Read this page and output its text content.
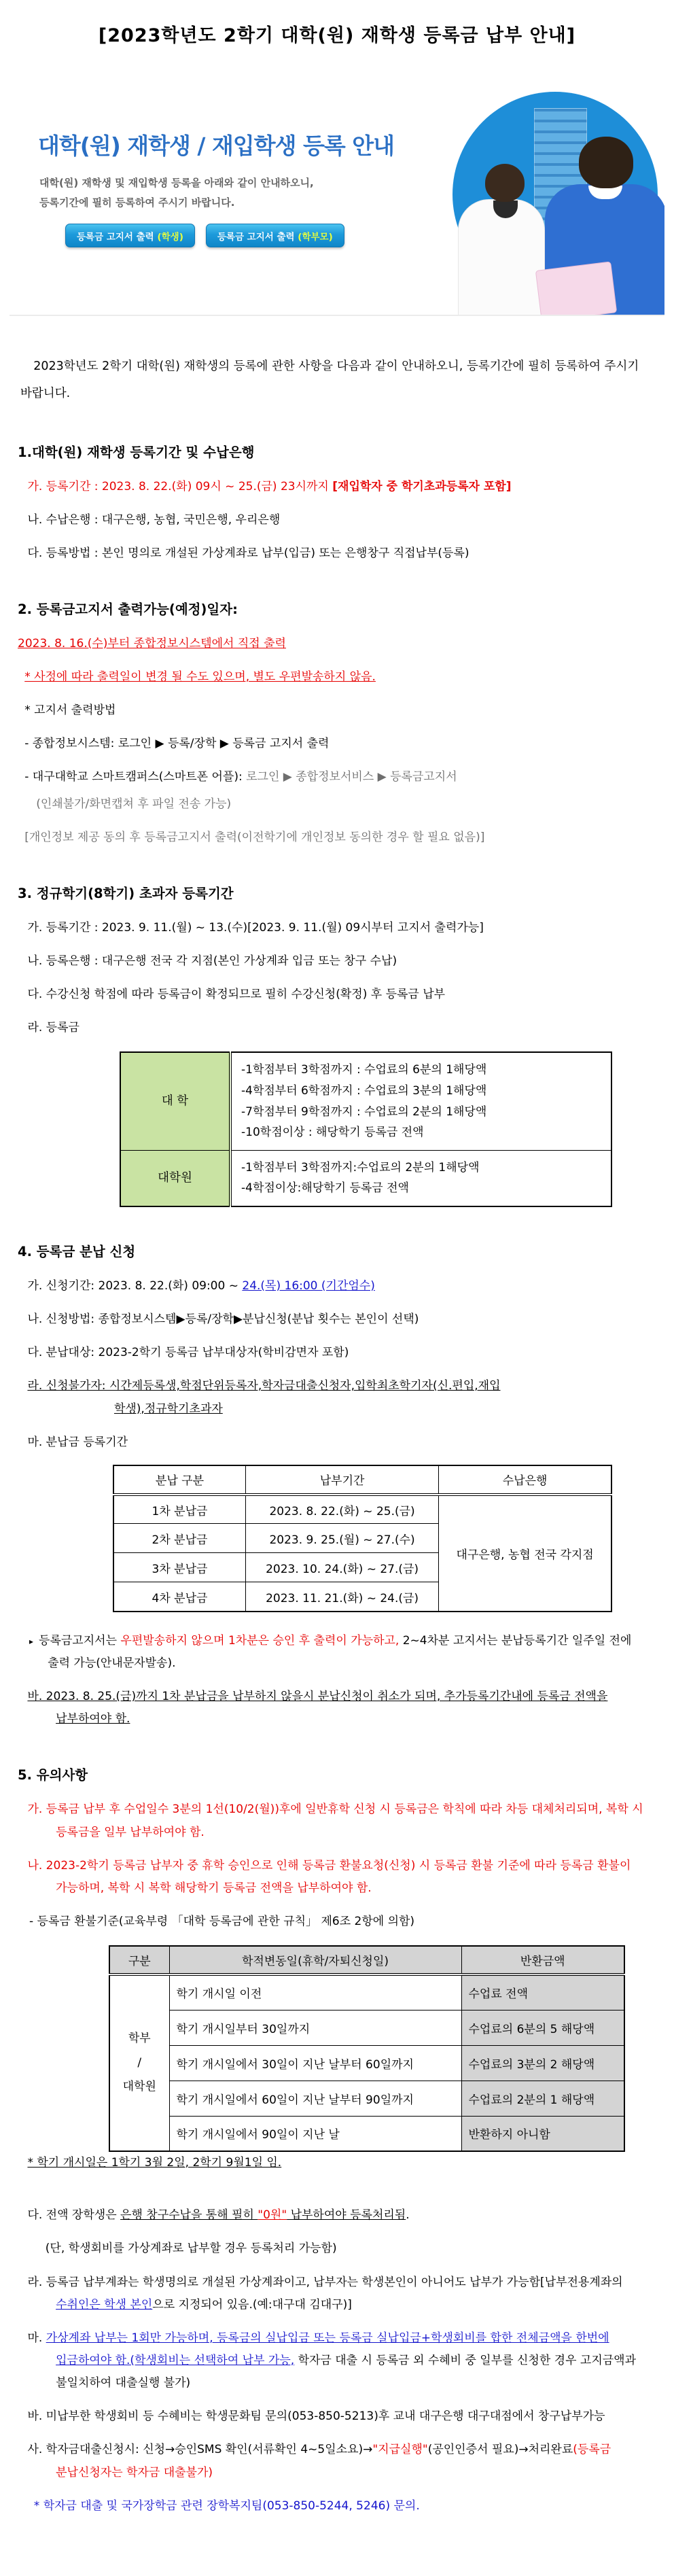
[2023학년도 2학기 대학(원) 재학생 등록금 납부 안내]
대학(원) 재학생 / 재입학생 등록 안내
대학(원) 재학생 및 재입학생 등록을 아래와 같이 안내하오니,
등록기간에 필히 등록하여 주시기 바랍니다.
등록금 고지서 출력 (학생)	등록금 고지서 출력 (학부모)

2023학년도 2학기 대학(원) 재학생의 등록에 관한 사항을 다음과 같이 안내하오니, 등록기간에 필히 등록하여 주시기 바랍니다.

1.대학(원) 재학생 등록기간 및 수납은행

가. 등록기간 : 2023. 8. 22.(화) 09시 ~ 25.(금) 23시까지 [재입학자 중 학기초과등록자 포함]

나. 수납은행 : 대구은행, 농협, 국민은행, 우리은행

다. 등록방법 : 본인 명의로 개설된 가상계좌로 납부(입금) 또는 은행창구 직접납부(등록)

2. 등록금고지서 출력가능(예정)일자:

2023. 8. 16.(수)부터 종합정보시스템에서 직접 출력

* 사정에 따라 출력일이 변경 될 수도 있으며, 별도 우편발송하지 않음.

* 고지서 출력방법

- 종합정보시스템: 로그인 ▶ 등록/장학 ▶ 등록금 고지서 출력

- 대구대학교 스마트캠퍼스(스마트폰 어플): 로그인 ▶ 종합정보서비스 ▶ 등록금고지서

(인쇄불가/화면캡쳐 후 파일 전송 가능)

[개인정보 제공 동의 후 등록금고지서 출력(이전학기에 개인정보 동의한 경우 할 필요 없음)]

3. 정규학기(8학기) 초과자 등록기간

가. 등록기간 : 2023. 9. 11.(월) ~ 13.(수)[2023. 9. 11.(월) 09시부터 고지서 출력가능]

나. 등록은행 : 대구은행 전국 각 지점(본인 가상계좌 입금 또는 창구 수납)

다. 수강신청 학점에 따라 등록금이 확정되므로 필히 수강신청(확정) 후 등록금 납부

라. 등록금

대 학	-1학점부터 3학점까지 : 수업료의 6분의 1해당액
-4학점부터 6학점까지 : 수업료의 3분의 1해당액
-7학점부터 9학점까지 : 수업료의 2분의 1해당액
-10학점이상 : 해당학기 등록금 전액
대학원	-1학점부터 3학점까지:수업료의 2분의 1해당액
-4학점이상:해당학기 등록금 전액
4. 등록금 분납 신청

가. 신청기간: 2023. 8. 22.(화) 09:00 ~ 24.(목) 16:00 (기간엄수)

나. 신청방법: 종합정보시스템▶등록/장학▶분납신청(분납 횟수는 본인이 선택)

다. 분납대상: 2023-2학기 등록금 납부대상자(학비감면자 포함)

라. 신청불가자: 시간제등록생,학점단위등록자,학자금대출신청자,입학최초학기자(신.편입,재입
학생),정규학기초과자

마. 분납금 등록기간

분납 구분	납부기간	수납은행
1차 분납금	2023. 8. 22.(화) ~ 25.(금)	대구은행, 농협 전국 각지점
2차 분납금	2023. 9. 25.(월) ~ 27.(수)	
3차 분납금	2023. 10. 24.(화) ~ 27.(금)	
4차 분납금	2023. 11. 21.(화) ~ 24.(금)	

▸ 등록금고지서는 우편발송하지 않으며 1차분은 승인 후 출력이 가능하고, 2~4차분 고지서는 분납등록기간 일주일 전에 출력 가능(안내문자발송).

바. 2023. 8. 25.(금)까지 1차 분납금을 납부하지 않을시 분납신청이 취소가 되며, 추가등록기간내에 등록금 전액을 납부하여야 함.

5. 유의사항

가. 등록금 납부 후 수업일수 3분의 1선(10/2(월))후에 일반휴학 신청 시 등록금은 학칙에 따라 차등 대체처리되며, 복학 시 등록금을 일부 납부하여야 함.

나. 2023-2학기 등록금 납부자 중 휴학 승인으로 인해 등록금 환불요청(신청) 시 등록금 환불 기준에 따라 등록금 환불이 가능하며, 복학 시 복학 해당학기 등록금 전액을 납부하여야 함.

- 등록금 환불기준(교육부령 「대학 등록금에 관한 규칙」 제6조 2항에 의함)

구분	학적변동일(휴학/자퇴신청일)	반환금액
학부
/
대학원	학기 개시일 이전	수업료 전액
	학기 개시일부터 30일까지	수업료의 6분의 5 해당액
	학기 개시일에서 30일이 지난 날부터 60일까지	수업료의 3분의 2 해당액
	학기 개시일에서 60일이 지난 날부터 90일까지	수업료의 2분의 1 해당액
	학기 개시일에서 90일이 지난 날	반환하지 아니함

* 학기 개시일은 1학기 3월 2일, 2학기 9월1일 임.

다. 전액 장학생은 은행 창구수납을 통해 필히 "0원" 납부하여야 등록처리됨.

(단, 학생회비를 가상계좌로 납부할 경우 등록처리 가능함)

라. 등록금 납부계좌는 학생명의로 개설된 가상계좌이고, 납부자는 학생본인이 아니어도 납부가 가능함[납부전용계좌의 수취인은 학생 본인으로 지정되어 있음.(예:대구대 김대구)]

마. 가상계좌 납부는 1회만 가능하며, 등록금의 실납입금 또는 등록금 실납입금+학생회비를 합한 전체금액을 한번에 입금하여야 함.(학생회비는 선택하여 납부 가능, 학자금 대출 시 등록금 외 수혜비 중 일부를 신청한 경우 고지금액과 불일치하여 대출실행 불가)

바. 미납부한 학생회비 등 수혜비는 학생문화팀 문의(053-850-5213)후 교내 대구은행 대구대점에서 창구납부가능

사. 학자금대출신청시: 신청→승인SMS 확인(서류확인 4~5일소요)→"지급실행"(공인인증서 필요)→처리완료(등록금 분납신청자는 학자금 대출불가)

* 학자금 대출 및 국가장학금 관련 장학복지팀(053-850-5244, 5246) 문의.
